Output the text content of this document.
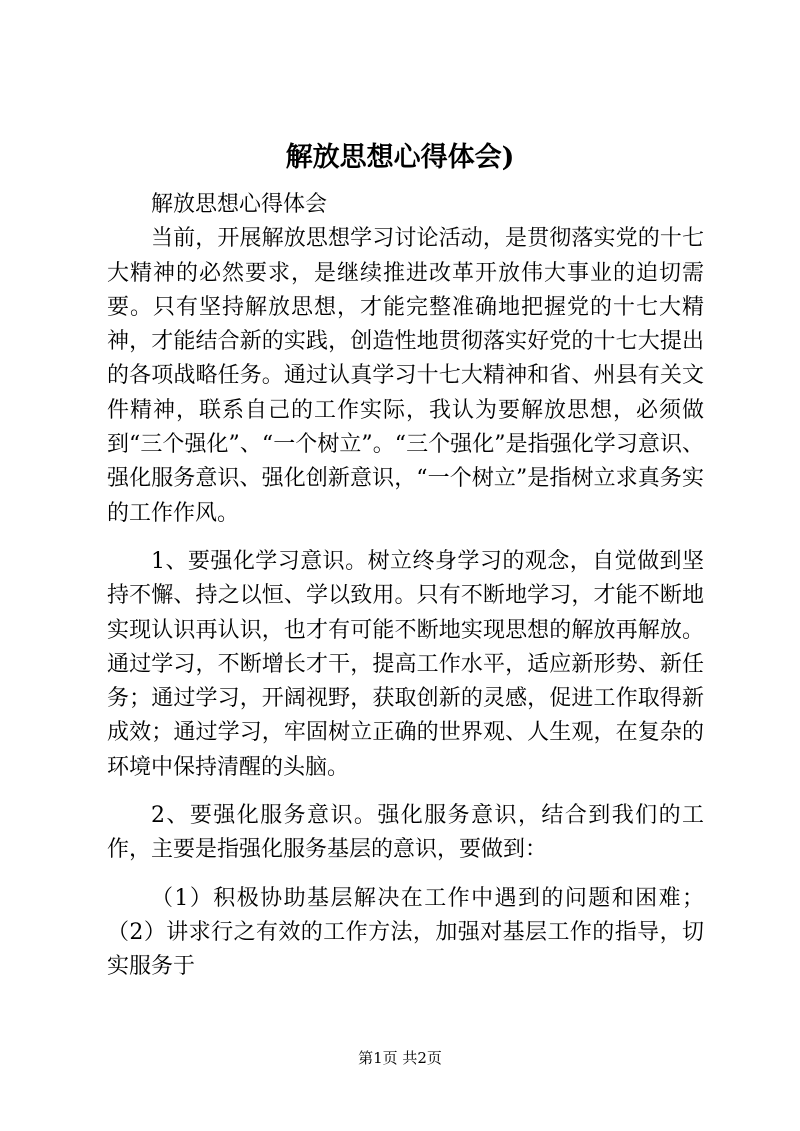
解放思想心得体会)

解放思想心得体会

当前，开展解放思想学习讨论活动，是贯彻落实党的十七大精神的必然要求，是继续推进改革开放伟大事业的迫切需要。只有坚持解放思想，才能完整准确地把握党的十七大精神，才能结合新的实践，创造性地贯彻落实好党的十七大提出的各项战略任务。通过认真学习十七大精神和省、州县有关文件精神，联系自己的工作实际，我认为要解放思想，必须做到“三个强化”、“一个树立”。“三个强化”是指强化学习意识、强化服务意识、强化创新意识，“一个树立”是指树立求真务实的工作作风。

1、要强化学习意识。树立终身学习的观念，自觉做到坚持不懈、持之以恒、学以致用。只有不断地学习，才能不断地实现认识再认识，也才有可能不断地实现思想的解放再解放。通过学习，不断增长才干，提高工作水平，适应新形势、新任务；通过学习，开阔视野，获取创新的灵感，促进工作取得新成效；通过学习，牢固树立正确的世界观、人生观，在复杂的环境中保持清醒的头脑。

2、要强化服务意识。强化服务意识，结合到我们的工作，主要是指强化服务基层的意识，要做到：

（1）积极协助基层解决在工作中遇到的问题和困难；（2）讲求行之有效的工作方法，加强对基层工作的指导，切实服务于

第1页 共2页
